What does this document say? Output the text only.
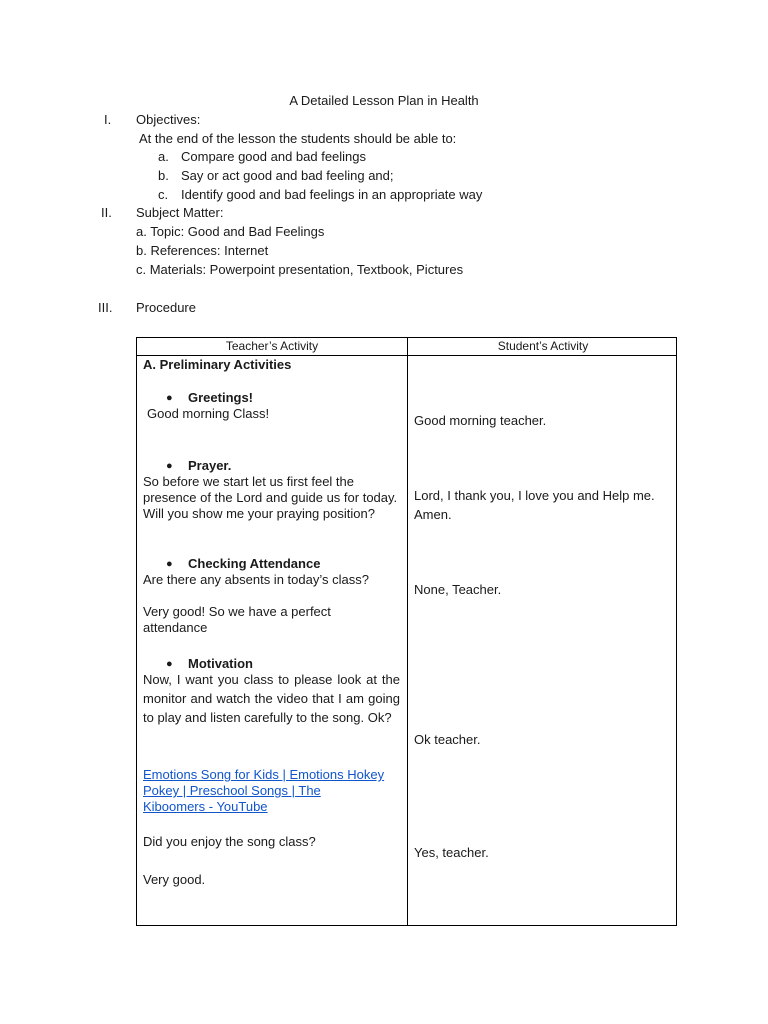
A Detailed Lesson Plan in Health
I. Objectives:
At the end of the lesson the students should be able to:
a. Compare good and bad feelings
b. Say or act good and bad feeling and;
c. Identify good and bad feelings in an appropriate way
II. Subject Matter:
a. Topic: Good and Bad Feelings
b. References: Internet
c. Materials: Powerpoint presentation, Textbook, Pictures
III. Procedure
Teacher’s Activity	Student’s Activity
A. Preliminary Activities
● Greetings!
Good morning Class!
● Prayer.
So before we start let us first feel the presence of the Lord and guide us for today. Will you show me your praying position?
● Checking Attendance
Are there any absents in today’s class?
Very good! So we have a perfect attendance
● Motivation
Now, I want you class to please look at the monitor and watch the video that I am going to play and listen carefully to the song. Ok?
Emotions Song for Kids | Emotions Hokey
Pokey | Preschool Songs | The
Kiboomers - YouTube
Did you enjoy the song class?
Very good.
Good morning teacher.
Lord, I thank you, I love you and Help me.
Amen.
None, Teacher.
Ok teacher.
Yes, teacher.
